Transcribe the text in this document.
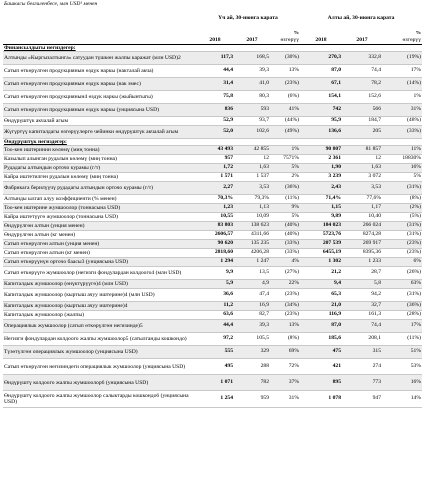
Башкасы белгиленбесе, млн USD¹ менен
	Үч ай, 30-июнга карата			Алты ай, 30-июнга карата		
			%			%
	2018	2017	өзгөрүү	2018	2017	өзгөрүү
Финансылдыгы негиздегер:						
Алтынды «Кыргызалтынга» сатуудан түшкөн жалпы каражат (млн USD)2	117,3	168,5	(30%)	270,3	332,8	(19%)
Сатып өткөрүлгөн продукциянын өздүк наркы (накталай акча)	44,4	39,3	13%	87,0	74,4	17%
Сатып өткөрүлгөн продукциянын өздүк наркы (нак эмес)	31,4	41,0	(23%)	67,1	78,2	(14%)
Сатып өткөрүлгөн продукциянын4 өздүк наркы (жыйынтыгы)	75,8	80,3	(6%)	154,1	152,6	1%
Сатып өткөрүлгөн продукциянын өздүк наркы (унциясына USD)	836	593	41%	742	566	31%
Өндүрүштүк акчалай агым	52,9	93,7	(44%)	95,9	184,7	(48%)
Жүгүртүү капиталдагы өзгөрүүлөргө чейинки өндүрүштүк акчалай агым	52,0	102,6	(49%)	136,6	205	(33%)
Өндүрүштүк негиздегер:						
Тоо-кен иштеринин көлөмү (миң тонна)	43 493	42 855	1%	90 807	81 857	11%
Казылып алынган рудалын көлөмү (миң тонна)	957	12	7571%	2 361	12	18830%
Рудадагы алтындын орточо курамы (г/т)	1,72	1,63	5%	1,90	1,63	16%
Кайра иштетилген рудалын көлөмү (миң тонна)	1 571	1 537	2%	3 239	3 072	5%
Фабрикага берилүүчү рудадагы алтындын орточо курамы (г/т)	2,27	3,53	(36%)	2,43	3,53	(31%)
Алтынды ылгап алуу коэффициенти (% менен)	70,3%	79,3%	(11%)	71,4%	77,6%	(8%)
Тоо-кен иштерине жумшоолор (тоннасына USD)	1,23	1,13	9%	1,15	1,17	(2%)
Кайра иштетүүгө жумшоолор (тоннасына USD)	10,55	10,09	5%	9,89	10,40	(5%)
Өндүрүлгөн алтын (унция менен)	83 803	138 623	(40%)	184 023	266 024	(31%)
Өндүрүлгөн алтын (кг менен)	2606,57	4311,66	(40%)	5723,76	8274,28	(31%)
Сатып өткөрүлгөн алтын (унция менен)	90 620	135 235	(33%)	207 539	269 917	(23%)
Сатып өткөрүлгөн алтын (кг менен)	2818,60	4206,28	(33%)	6455,19	8395,36	(23%)
Сатып өткөрүүнүн орточо баасы3 (унциясына USD)	1 294	1 247	4%	1 302	1 233	6%
Сатып өткөрүүгө жумшоолор (негизги фондулардан колдоого4 (млн USD)	9,9	13,5	(27%)	21,2	28,7	(26%)
Капиталдык жумшоолор (өнүктүрүүгө)4 (млн USD)	5,9	4,9	22%	9,4	5,8	63%
Капиталдык жумшоолор (кыртыш ачуу иштерине)4 (млн USD)	36,6	47,4	(23%)	65,3	94,2	(31%)
Капиталдык жумшоолор (кыртыш ачуу иштерине)4	11,2	16,9	(34%)	21,0	32,7	(36%)
Капиталдык жумшоолор (жалпы)	63,6	82,7	(23%)	116,9	161,3	(28%)
Операциялык жумшоолор (сатып өткөрүлгөн негизинде)5	44,4	39,3	13%	87,0	74,4	17%
Негизги фондулардан колдоого жалпы жумшоолор5 (сатылганды кошкондо)	97,2	105,5	(8%)	185,6	208,1	(11%)
Түзөтүлгөн операциялык жумшоолор (унциясына USD)	555	329	69%	475	315	51%
Сатып өткөрүлгөн негизиндеги операциялык жумшоолор (унциясына USD)	495	288	72%	421	274	53%
Өндүрүштү колдоого жалпы жумшоолор6 (унциясына USD)	1 071	782	37%	895	773	16%
Өндүрүштү колдоого жалпы жумшоолор салыктарды кошкондо6 (унциясына USD)	1 254	959	31%	1 078	947	14%
